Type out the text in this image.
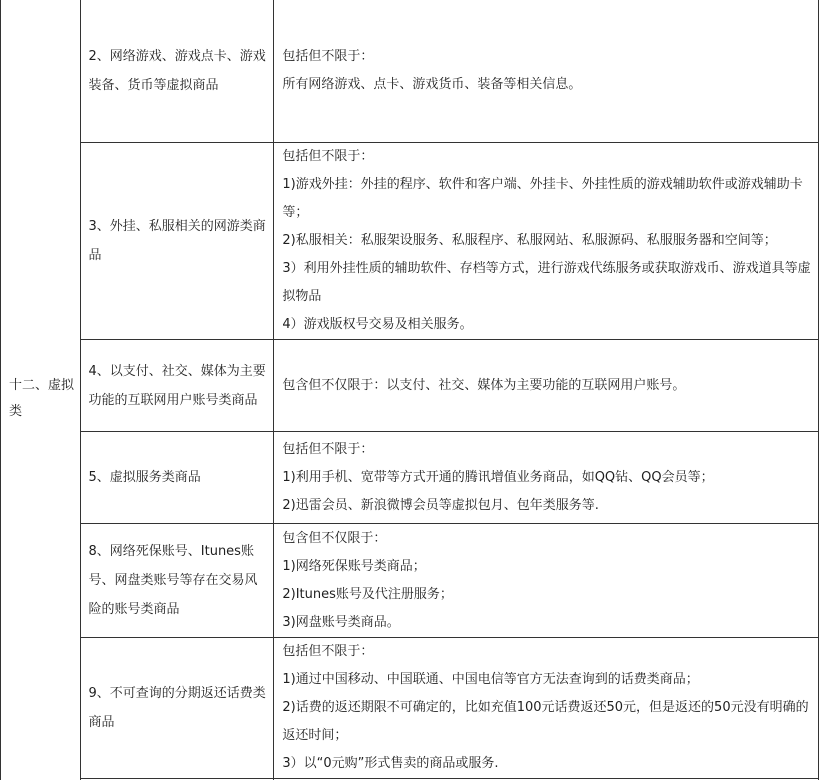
十二、虚拟类	2、网络游戏、游戏点卡、游戏装备、货币等虚拟商品	包括但不限于：
所有网络游戏、点卡、游戏货币、装备等相关信息。

	3、外挂、私服相关的网游类商品	包括但不限于：
1)游戏外挂：外挂的程序、软件和客户端、外挂卡、外挂性质的游戏辅助软件或游戏辅助卡等；
2)私服相关：私服架设服务、私服程序、私服网站、私服源码、私服服务器和空间等；
3）利用外挂性质的辅助软件、存档等方式，进行游戏代练服务或获取游戏币、游戏道具等虚拟物品
4）游戏版权号交易及相关服务。

	4、以支付、社交、媒体为主要功能的互联网用户账号类商品	包含但不仅限于：以支付、社交、媒体为主要功能的互联网用户账号。

	5、虚拟服务类商品	包括但不限于：
1)利用手机、宽带等方式开通的腾讯增值业务商品，如QQ钻、QQ会员等；
2)迅雷会员、新浪微博会员等虚拟包月、包年类服务等.

	8、网络死保账号、Itunes账号、网盘类账号等存在交易风险的账号类商品	包含但不仅限于：
1)网络死保账号类商品；
2)Itunes账号及代注册服务；
3)网盘账号类商品。

	9、不可查询的分期返还话费类商品	包括但不限于：
1)通过中国移动、中国联通、中国电信等官方无法查询到的话费类商品；
2)话费的返还期限不可确定的，比如充值100元话费返还50元，但是返还的50元没有明确的返还时间；
3）以“0元购”形式售卖的商品或服务.
